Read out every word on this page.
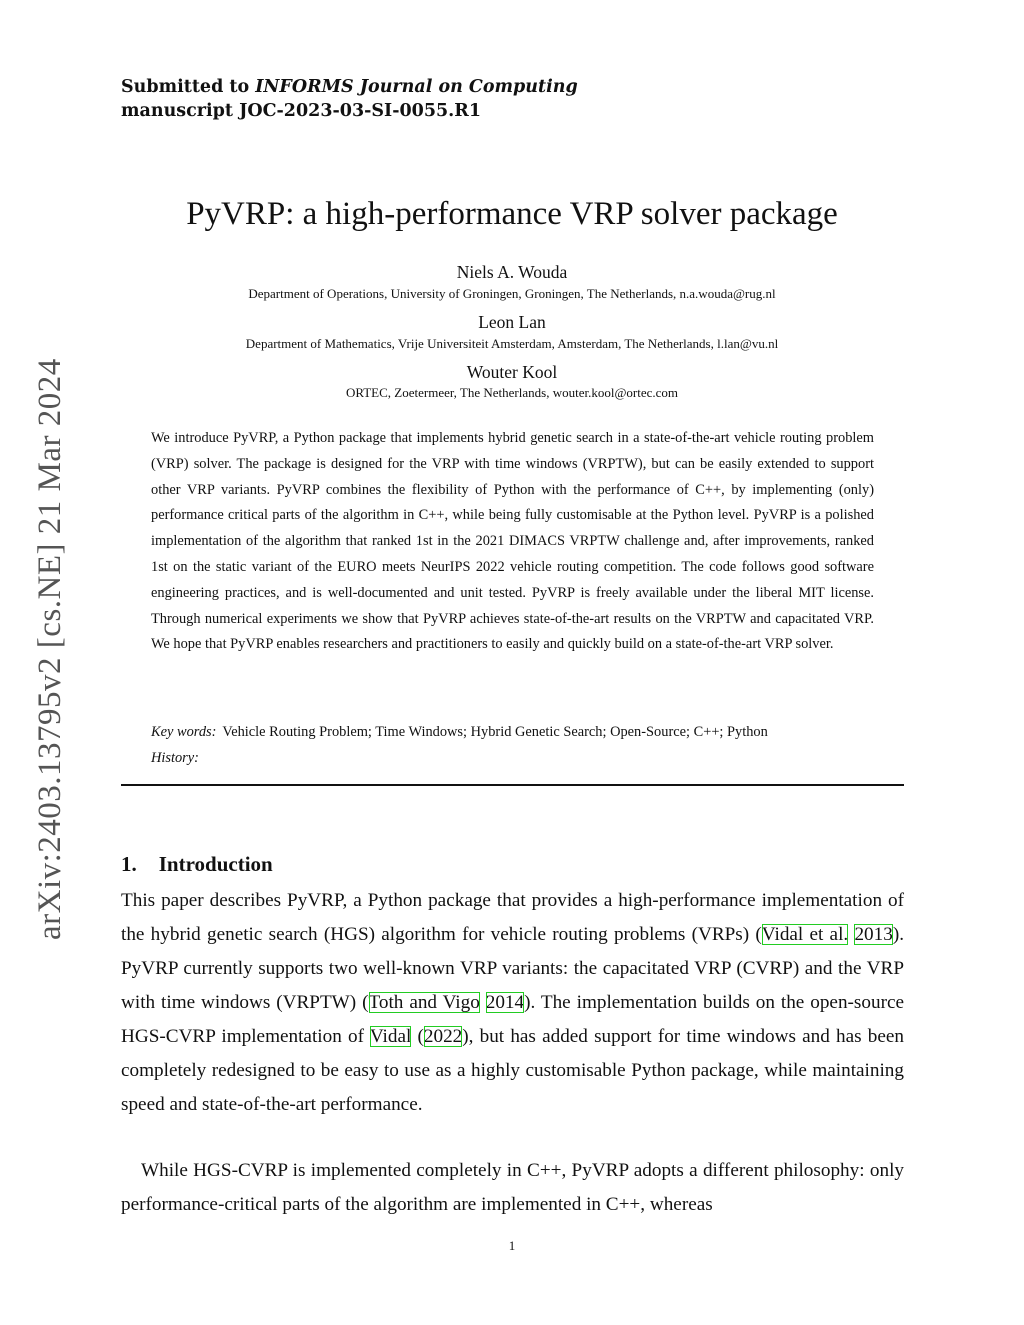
Submitted to INFORMS Journal on Computing
manuscript JOC-2023-03-SI-0055.R1
arXiv:2403.13795v2 [cs.NE] 21 Mar 2024
PyVRP: a high-performance VRP solver package
Niels A. Wouda
Department of Operations, University of Groningen, Groningen, The Netherlands, n.a.wouda@rug.nl
Leon Lan
Department of Mathematics, Vrije Universiteit Amsterdam, Amsterdam, The Netherlands, l.lan@vu.nl
Wouter Kool
ORTEC, Zoetermeer, The Netherlands, wouter.kool@ortec.com
We introduce PyVRP, a Python package that implements hybrid genetic search in a state-of-the-art vehicle routing problem (VRP) solver. The package is designed for the VRP with time windows (VRPTW), but can be easily extended to support other VRP variants. PyVRP combines the flexibility of Python with the performance of C++, by implementing (only) performance critical parts of the algorithm in C++, while being fully customisable at the Python level. PyVRP is a polished implementation of the algorithm that ranked 1st in the 2021 DIMACS VRPTW challenge and, after improvements, ranked 1st on the static variant of the EURO meets NeurIPS 2022 vehicle routing competition. The code follows good software engineering practices, and is well-documented and unit tested. PyVRP is freely available under the liberal MIT license. Through numerical experiments we show that PyVRP achieves state-of-the-art results on the VRPTW and capacitated VRP. We hope that PyVRP enables researchers and practitioners to easily and quickly build on a state-of-the-art VRP solver.
Key words: Vehicle Routing Problem; Time Windows; Hybrid Genetic Search; Open-Source; C++; Python
History:
1. Introduction
This paper describes PyVRP, a Python package that provides a high-performance implementation of the hybrid genetic search (HGS) algorithm for vehicle routing problems (VRPs) (Vidal et al. 2013). PyVRP currently supports two well-known VRP variants: the capacitated VRP (CVRP) and the VRP with time windows (VRPTW) (Toth and Vigo 2014). The implementation builds on the open-source HGS-CVRP implementation of Vidal (2022), but has added support for time windows and has been completely redesigned to be easy to use as a highly customisable Python package, while maintaining speed and state-of-the-art performance.
While HGS-CVRP is implemented completely in C++, PyVRP adopts a different philosophy: only performance-critical parts of the algorithm are implemented in C++, whereas
1
